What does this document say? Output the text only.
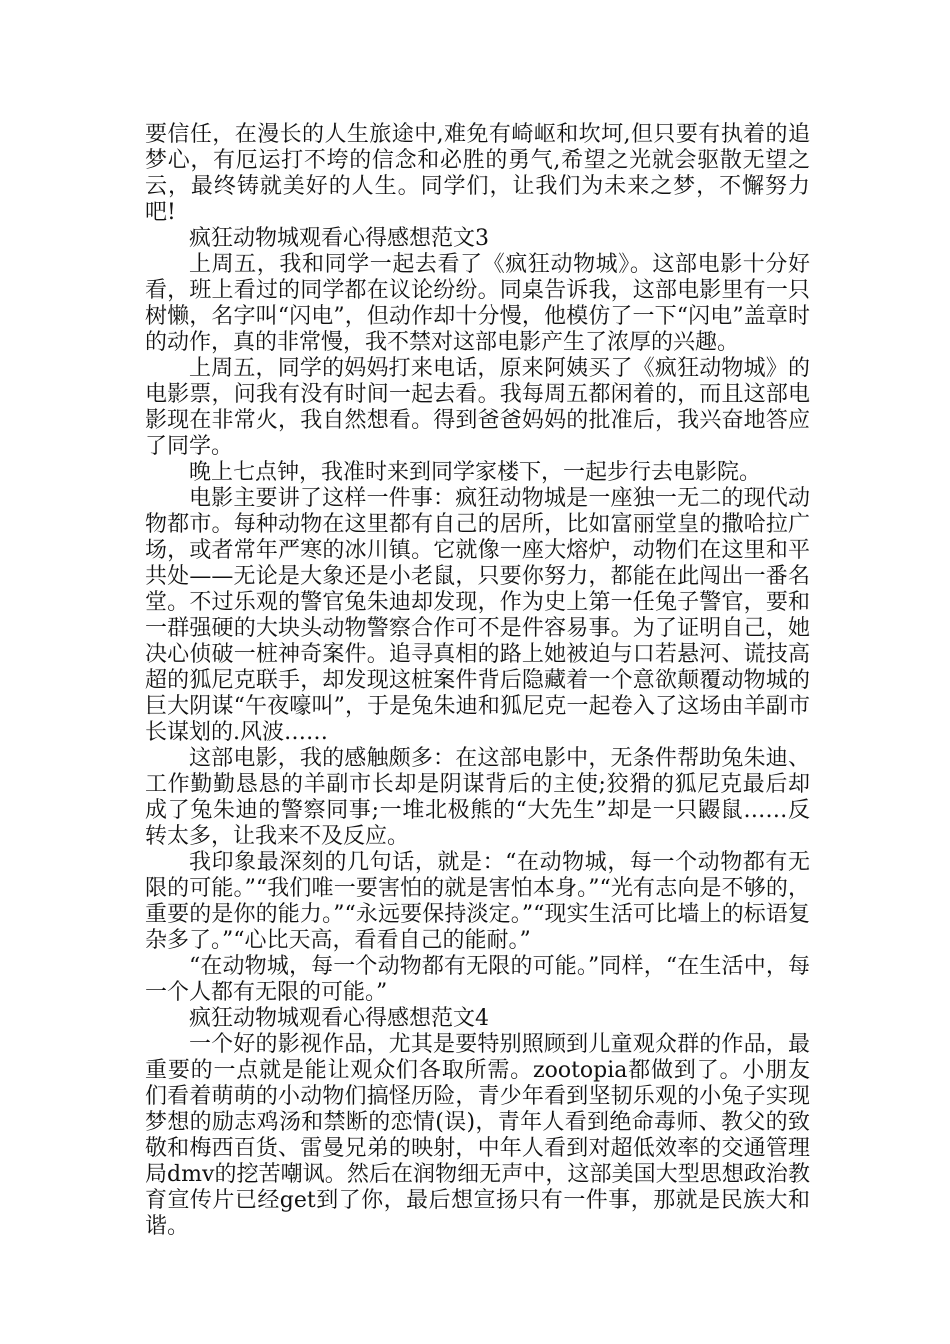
要信任，在漫长的人生旅途中,难免有崎岖和坎坷,但只要有执着的追梦心，有厄运打不垮的信念和必胜的勇气,希望之光就会驱散无望之云，最终铸就美好的人生。同学们，让我们为未来之梦，不懈努力吧!

疯狂动物城观看心得感想范文3

上周五，我和同学一起去看了《疯狂动物城》。这部电影十分好看，班上看过的同学都在议论纷纷。同桌告诉我，这部电影里有一只树懒，名字叫“闪电”，但动作却十分慢，他模仿了一下“闪电”盖章时的动作，真的非常慢，我不禁对这部电影产生了浓厚的兴趣。

上周五，同学的妈妈打来电话，原来阿姨买了《疯狂动物城》的电影票，问我有没有时间一起去看。我每周五都闲着的，而且这部电影现在非常火，我自然想看。得到爸爸妈妈的批准后，我兴奋地答应了同学。

晚上七点钟，我准时来到同学家楼下，一起步行去电影院。

电影主要讲了这样一件事：疯狂动物城是一座独一无二的现代动物都市。每种动物在这里都有自己的居所，比如富丽堂皇的撒哈拉广场，或者常年严寒的冰川镇。它就像一座大熔炉，动物们在这里和平共处——无论是大象还是小老鼠，只要你努力，都能在此闯出一番名堂。不过乐观的警官兔朱迪却发现，作为史上第一任兔子警官，要和一群强硬的大块头动物警察合作可不是件容易事。为了证明自己，她决心侦破一桩神奇案件。追寻真相的路上她被迫与口若悬河、谎技高超的狐尼克联手，却发现这桩案件背后隐藏着一个意欲颠覆动物城的巨大阴谋“午夜嚎叫”，于是兔朱迪和狐尼克一起卷入了这场由羊副市长谋划的.风波……

这部电影，我的感触颇多：在这部电影中，无条件帮助兔朱迪、工作勤勤恳恳的羊副市长却是阴谋背后的主使;狡猾的狐尼克最后却成了兔朱迪的警察同事;一堆北极熊的“大先生”却是一只鼹鼠……反转太多，让我来不及反应。

我印象最深刻的几句话，就是：“在动物城，每一个动物都有无限的可能。”“我们唯一要害怕的就是害怕本身。”“光有志向是不够的，重要的是你的能力。”“永远要保持淡定。”“现实生活可比墙上的标语复杂多了。”“心比天高，看看自己的能耐。”

“在动物城，每一个动物都有无限的可能。”同样，“在生活中，每一个人都有无限的可能。”

疯狂动物城观看心得感想范文4

一个好的影视作品，尤其是要特别照顾到儿童观众群的作品，最重要的一点就是能让观众们各取所需。zootopia都做到了。小朋友们看着萌萌的小动物们搞怪历险，青少年看到坚韧乐观的小兔子实现梦想的励志鸡汤和禁断的恋情(误)，青年人看到绝命毒师、教父的致敬和梅西百货、雷曼兄弟的映射，中年人看到对超低效率的交通管理局dmv的挖苦嘲讽。然后在润物细无声中，这部美国大型思想政治教育宣传片已经get到了你，最后想宣扬只有一件事，那就是民族大和谐。
